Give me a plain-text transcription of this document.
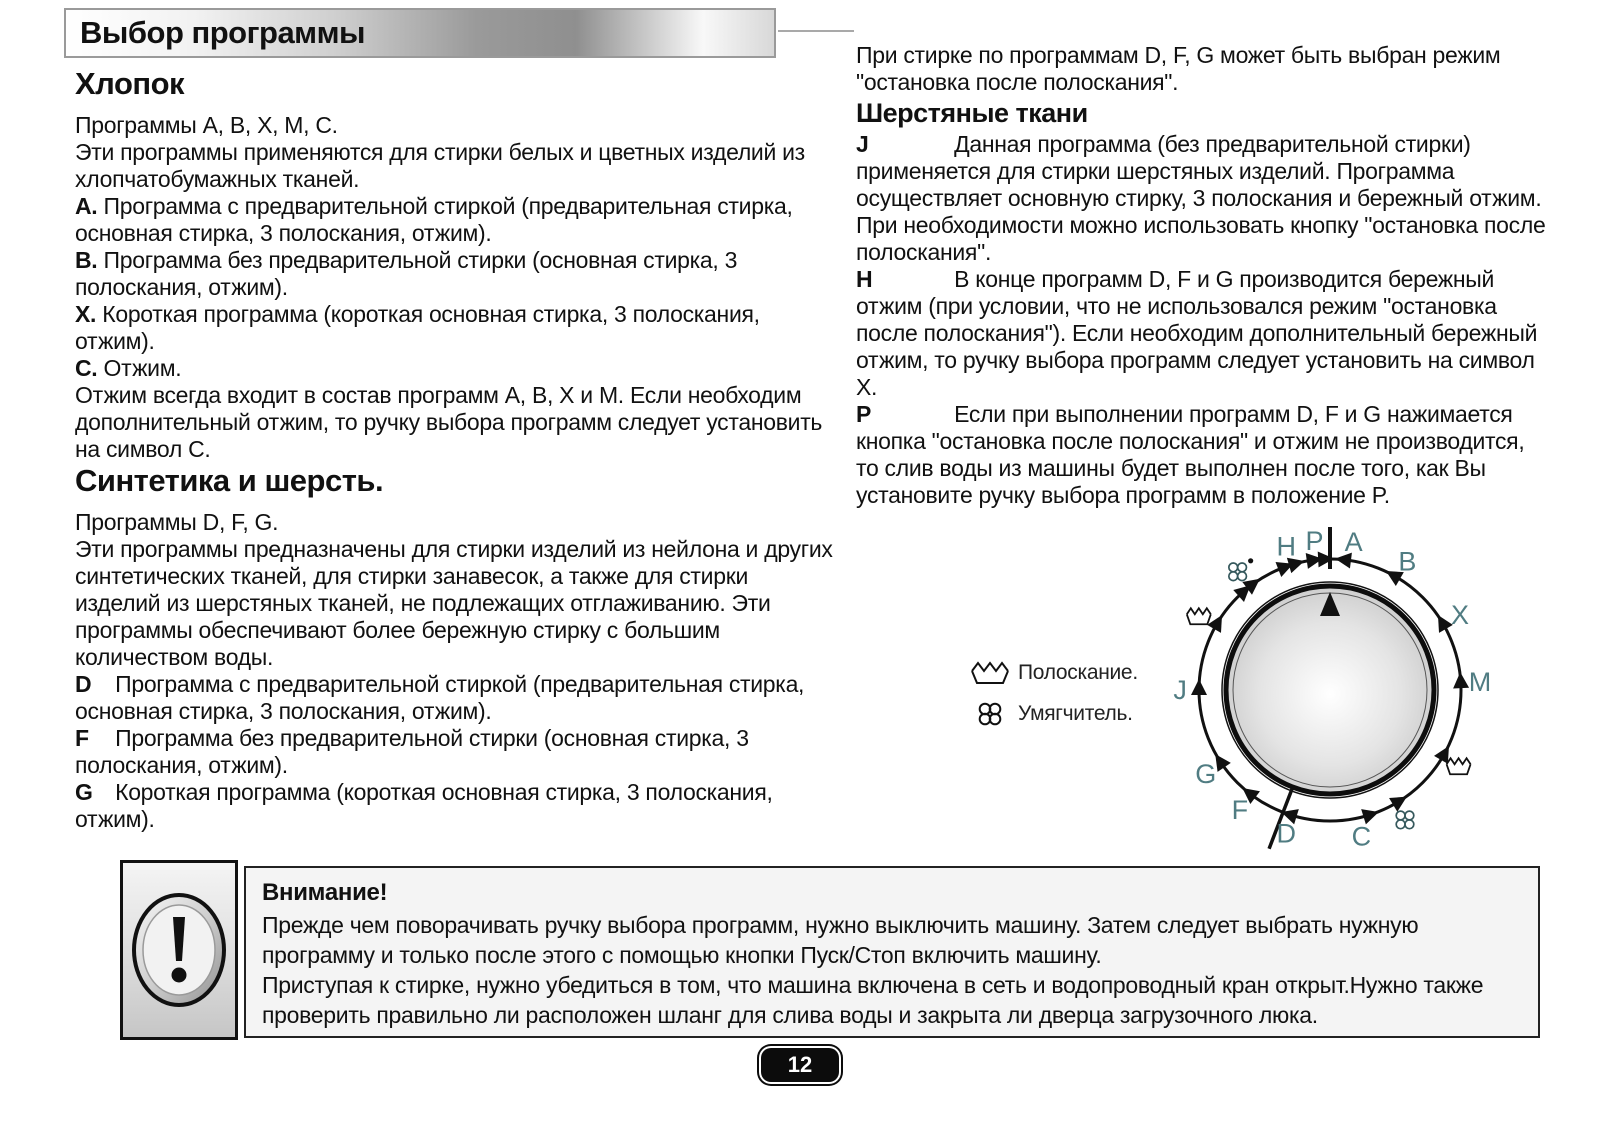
Выбор программы
Хлопок

Программы A, B, X, M, C.

Эти программы применяются для стирки белых и цветных изделий из хлопчатобумажных тканей.

A. Программа с предварительной стиркой (предварительная стирка, основная стирка, 3 полоскания, отжим).

B. Программа без предварительной стирки (основная стирка, 3 полоскания, отжим).

X. Короткая программа (короткая основная стирка, 3 полоскания, отжим).

C. Отжим.

Отжим всегда входит в состав программ A, B, X и M. Если необходим дополнительный отжим, то ручку выбора программ следует установить на символ C.

Синтетика и шерсть.

Программы D, F, G.

Эти программы предназначены для стирки изделий из нейлона и других синтетических тканей, для стирки занавесок, а также для стирки изделий из шерстяных тканей, не подлежащих отглаживанию. Эти программы обеспечивают более бережную стирку с большим количеством воды.

D Программа с предварительной стиркой (предварительная стирка, основная стирка, 3 полоскания, отжим).

F Программа без предварительной стирки (основная стирка, 3 полоскания, отжим).

G Короткая программа (короткая основная стирка, 3 полоскания, отжим).

При стирке по программам D, F, G может быть выбран режим "остановка после полоскания".

Шерстяные ткани

J	Данная программа (без предварительной стирки) применяется для стирки шерстяных изделий. Программа осуществляет основную стирку, 3 полоскания и бережный отжим. При необходимости можно использовать кнопку "остановка после полоскания".

H	В конце программ D, F и G производится бережный отжим (при условии, что не использовался режим "остановка после полоскания"). Если необходим дополнительный бережный отжим, то ручку выбора программ следует установить на символ X.

P	Если при выполнении программ D, F и G нажимается кнопка "остановка после полоскания" и отжим не производится, то слив воды из машины будет выполнен после того, как Вы установите ручку выбора программ в положение P.

Полоскание.
Умягчитель.
H P A
B
X
M
C
D
F
G
J

Внимание!

Прежде чем поворачивать ручку выбора программ, нужно выключить машину. Затем следует выбрать нужную программу и только после этого с помощью кнопки Пуск/Стоп включить машину.

Приступая к стирке, нужно убедиться в том, что машина включена в сеть и водопроводный кран открыт.Нужно также проверить правильно ли расположен шланг для слива воды и закрыта ли дверца загрузочного люка.

12
